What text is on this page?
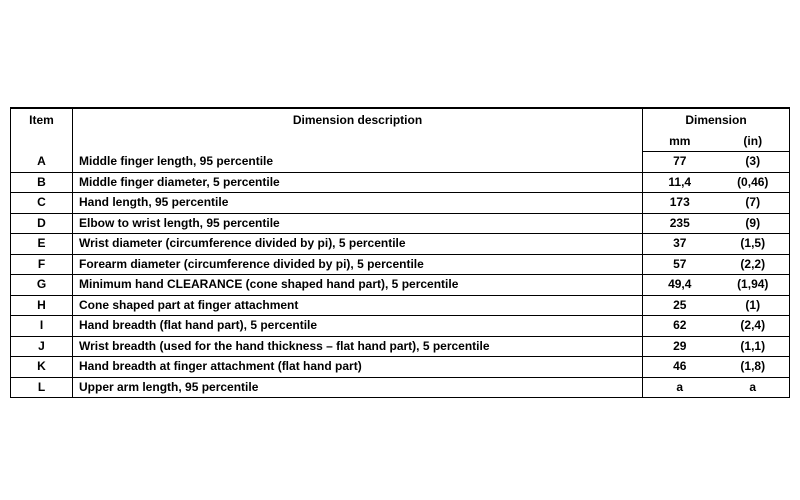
Item	Dimension description	Dimension	
		mm	(in)
A	Middle finger length, 95 percentile	77	(3)
B	Middle finger diameter, 5 percentile	11,4	(0,46)
C	Hand length, 95 percentile	173	(7)
D	Elbow to wrist length, 95 percentile	235	(9)
E	Wrist diameter (circumference divided by pi), 5 percentile	37	(1,5)
F	Forearm diameter (circumference divided by pi), 5 percentile	57	(2,2)
G	Minimum hand CLEARANCE (cone shaped hand part), 5 percentile	49,4	(1,94)
H	Cone shaped part at finger attachment	25	(1)
I	Hand breadth (flat hand part), 5 percentile	62	(2,4)
J	Wrist breadth (used for the hand thickness – flat hand part), 5 percentile	29	(1,1)
K	Hand breadth at finger attachment (flat hand part)	46	(1,8)
L	Upper arm length, 95 percentile	a	a
